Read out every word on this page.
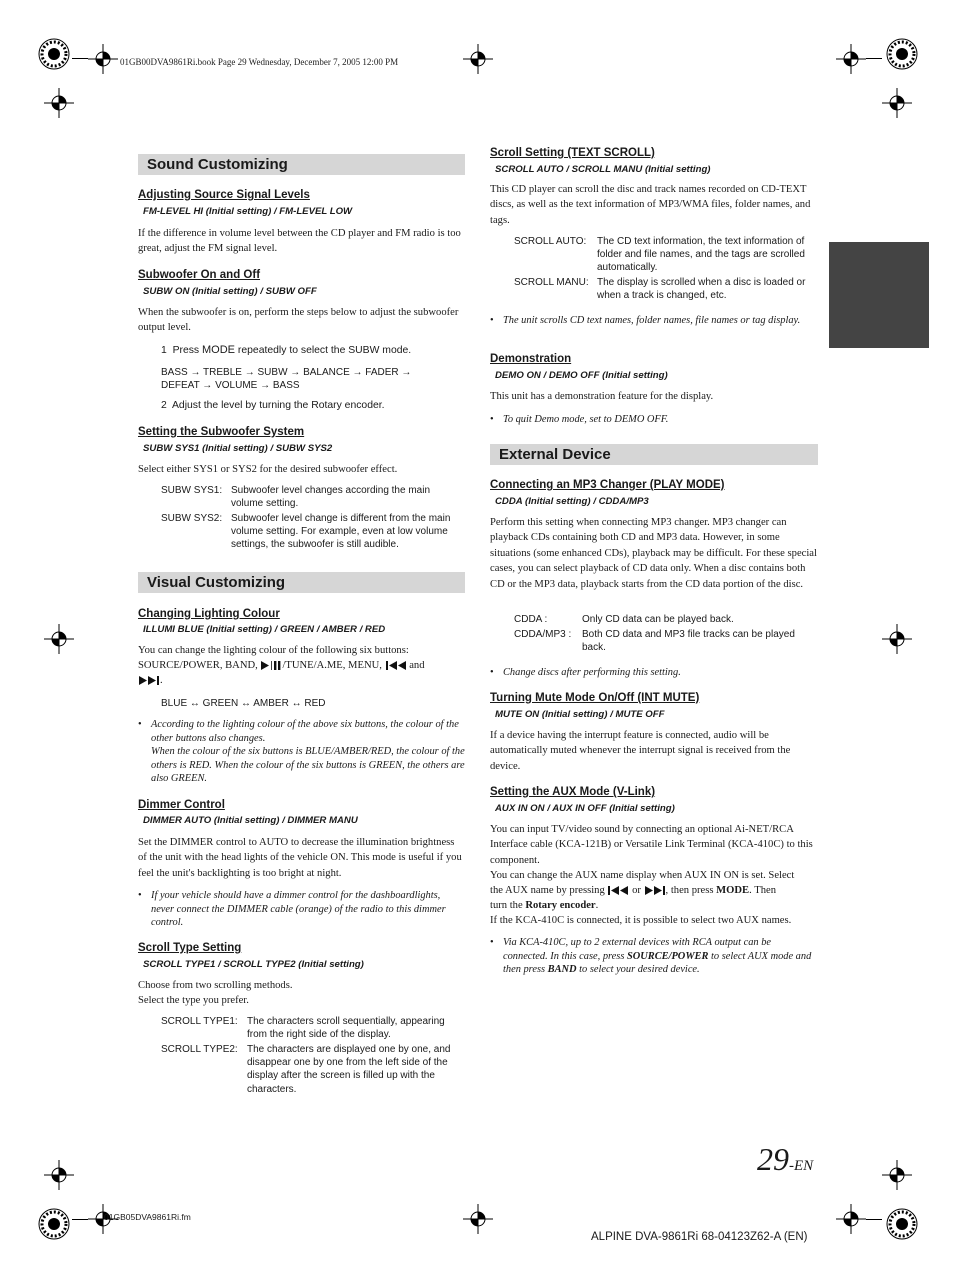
01GB00DVA9861Ri.book Page 29 Wednesday, December 7, 2005 12:00 PM
01GB05DVA9861Ri.fm
29-EN
ALPINE DVA-9861Ri 68-04123Z62-A (EN)
Sound Customizing
Adjusting Source Signal Levels
FM-LEVEL HI (Initial setting) / FM-LEVEL LOW
If the difference in volume level between the CD player and FM radio is too great, adjust the FM signal level.
Subwoofer On and Off
SUBW ON (Initial setting) / SUBW OFF
When the subwoofer is on, perform the steps below to adjust the subwoofer output level.
1 Press MODE repeatedly to select the SUBW mode.
BASS → TREBLE → SUBW → BALANCE → FADER →
DEFEAT → VOLUME → BASS
2 Adjust the level by turning the Rotary encoder.
Setting the Subwoofer System
SUBW SYS1 (Initial setting) / SUBW SYS2
Select either SYS1 or SYS2 for the desired subwoofer effect.
SUBW SYS1: Subwoofer level changes according the main volume setting.
SUBW SYS2: Subwoofer level change is different from the main volume setting. For example, even at low volume settings, the subwoofer is still audible.
Visual Customizing
Changing Lighting Colour
ILLUMI BLUE (Initial setting) / GREEN / AMBER / RED
You can change the lighting colour of the following six buttons:
SOURCE/POWER, BAND, /TUNE/A.ME, MENU,	and
.
BLUE ↔ GREEN ↔ AMBER ↔ RED
• According to the lighting colour of the above six buttons, the colour of the other buttons also changes.
When the colour of the six buttons is BLUE/AMBER/RED, the colour of the others is RED. When the colour of the six buttons is GREEN, the others are also GREEN.
Dimmer Control
DIMMER AUTO (Initial setting) / DIMMER MANU
Set the DIMMER control to AUTO to decrease the illumination brightness of the unit with the head lights of the vehicle ON. This mode is useful if you feel the unit's backlighting is too bright at night.
• If your vehicle should have a dimmer control for the dashboardlights, never connect the DIMMER cable (orange) of the radio to this dimmer control.
Scroll Type Setting
SCROLL TYPE1 / SCROLL TYPE2 (Initial setting)
Choose from two scrolling methods.
Select the type you prefer.
SCROLL TYPE1: The characters scroll sequentially, appearing from the right side of the display.
SCROLL TYPE2: The characters are displayed one by one, and disappear one by one from the left side of the display after the screen is filled up with the characters.
Scroll Setting (TEXT SCROLL)
SCROLL AUTO / SCROLL MANU (Initial setting)
This CD player can scroll the disc and track names recorded on CD-TEXT discs, as well as the text information of MP3/WMA files, folder names, and tags.
SCROLL AUTO:	The CD text information, the text information of folder and file names, and the tags are scrolled automatically.
SCROLL MANU: The display is scrolled when a disc is loaded or when a track is changed, etc.
• The unit scrolls CD text names, folder names, file names or tag display.
Demonstration
DEMO ON / DEMO OFF (Initial setting)
This unit has a demonstration feature for the display.
• To quit Demo mode, set to DEMO OFF.
External Device
Connecting an MP3 Changer (PLAY MODE)
CDDA (Initial setting) / CDDA/MP3
Perform this setting when connecting MP3 changer. MP3 changer can playback CDs containing both CD and MP3 data. However, in some situations (some enhanced CDs), playback may be difficult. For these special cases, you can select playback of CD data only. When a disc contains both CD or the MP3 data, playback starts from the CD data portion of the disc.
CDDA :	Only CD data can be played back.
CDDA/MP3 :	Both CD data and MP3 file tracks can be played back.
• Change discs after performing this setting.
Turning Mute Mode On/Off (INT MUTE)
MUTE ON (Initial setting) / MUTE OFF
If a device having the interrupt feature is connected, audio will be automatically muted whenever the interrupt signal is received from the device.
Setting the AUX Mode (V-Link)
AUX IN ON / AUX IN OFF (Initial setting)
You can input TV/video sound by connecting an optional Ai-NET/RCA Interface cable (KCA-121B) or Versatile Link Terminal (KCA-410C) to this component.
You can change the AUX name display when AUX IN ON is set. Select
the AUX name by pressing	or , then press MODE. Then
turn the Rotary encoder.
If the KCA-410C is connected, it is possible to select two AUX names.
• Via KCA-410C, up to 2 external devices with RCA output can be connected. In this case, press SOURCE/POWER to select AUX mode and then press BAND to select your desired device.
